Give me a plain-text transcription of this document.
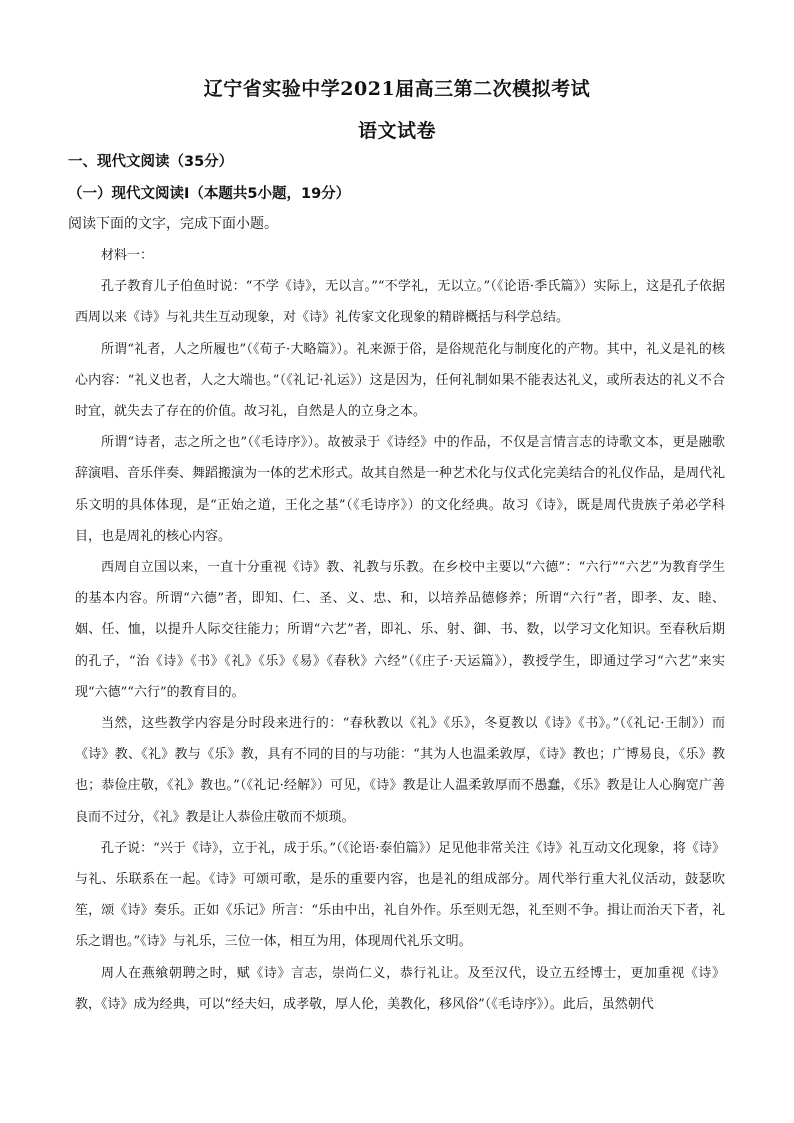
辽宁省实验中学2021届高三第二次模拟考试
语文试卷
一、现代文阅读（35分）
（一）现代文阅读Ⅰ（本题共5小题，19分）

阅读下面的文字，完成下面小题。

材料一：

孔子教育儿子伯鱼时说：“不学《诗》，无以言。”“不学礼，无以立。”（《论语·季氏篇》）实际上，这是孔子依据西周以来《诗》与礼共生互动现象，对《诗》礼传家文化现象的精辟概括与科学总结。

所谓“礼者，人之所履也”（《荀子·大略篇》）。礼来源于俗，是俗规范化与制度化的产物。其中，礼义是礼的核心内容：“礼义也者，人之大端也。”（《礼记·礼运》）这是因为，任何礼制如果不能表达礼义，或所表达的礼义不合时宜，就失去了存在的价值。故习礼，自然是人的立身之本。

所谓“诗者，志之所之也”（《毛诗序》）。故被录于《诗经》中的作品，不仅是言情言志的诗歌文本，更是融歌辞演唱、音乐伴奏、舞蹈搬演为一体的艺术形式。故其自然是一种艺术化与仪式化完美结合的礼仪作品，是周代礼乐文明的具体体现，是“正始之道，王化之基”（《毛诗序》）的文化经典。故习《诗》，既是周代贵族子弟必学科目，也是周礼的核心内容。

西周自立国以来，一直十分重视《诗》教、礼教与乐教。在乡校中主要以“六德”：“六行”“六艺”为教育学生的基本内容。所谓“六德”者，即知、仁、圣、义、忠、和，以培养品德修养；所谓“六行”者，即孝、友、睦、姻、任、恤，以提升人际交往能力；所谓“六艺”者，即礼、乐、射、御、书、数，以学习文化知识。至春秋后期的孔子，“治《诗》《书》《礼》《乐》《易》《春秋》六经”（《庄子·天运篇》），教授学生，即通过学习“六艺”来实现“六德”“六行”的教育目的。

当然，这些教学内容是分时段来进行的：“春秋教以《礼》《乐》，冬夏教以《诗》《书》。”（《礼记·王制》）而《诗》教、《礼》教与《乐》教，具有不同的目的与功能：“其为人也温柔敦厚，《诗》教也；广博易良，《乐》教也；恭俭庄敬，《礼》教也。”（《礼记·经解》）可见，《诗》教是让人温柔敦厚而不愚蠢，《乐》教是让人心胸宽广善良而不过分，《礼》教是让人恭俭庄敬而不烦琐。

孔子说：“兴于《诗》，立于礼，成于乐。”（《论语·泰伯篇》）足见他非常关注《诗》礼互动文化现象，将《诗》与礼、乐联系在一起。《诗》可颂可歌，是乐的重要内容，也是礼的组成部分。周代举行重大礼仪活动，鼓瑟吹笙，颂《诗》奏乐。正如《乐记》所言：“乐由中出，礼自外作。乐至则无怨，礼至则不争。揖让而治天下者，礼乐之谓也。”《诗》与礼乐，三位一体，相互为用，体现周代礼乐文明。

周人在燕飨朝聘之时，赋《诗》言志，崇尚仁义，恭行礼让。及至汉代，设立五经博士，更加重视《诗》教，《诗》成为经典，可以“经夫妇，成孝敬，厚人伦，美教化，移风俗”（《毛诗序》）。此后，虽然朝代
